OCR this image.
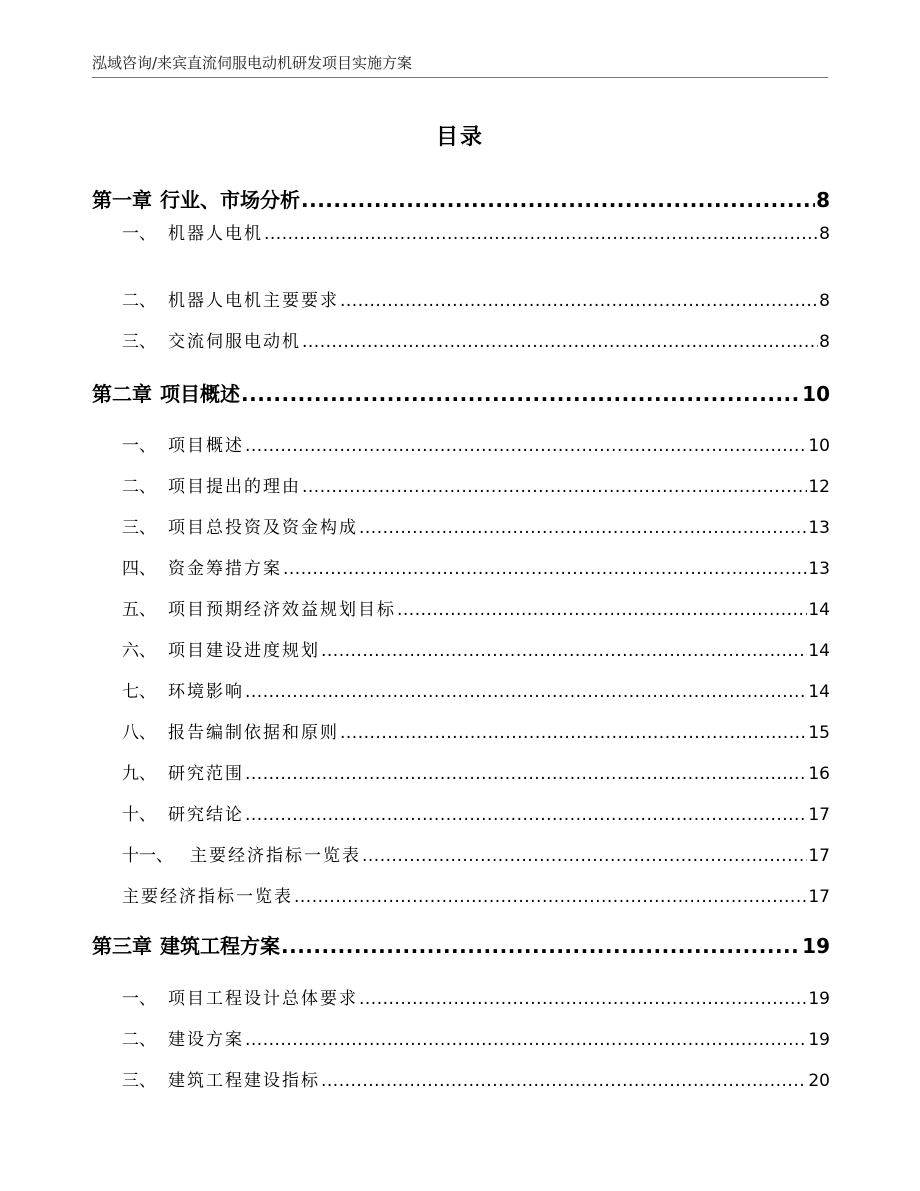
泓域咨询/来宾直流伺服电动机研发项目实施方案
目录
第一章 行业、市场分析 .....	8
一、 机器人电机 .....	8
二、 机器人电机主要要求 .....	8
三、 交流伺服电动机 .....	8
第二章 项目概述 .....	10
一、 项目概述 .....	10
二、 项目提出的理由 .....	12
三、 项目总投资及资金构成 .....	13
四、 资金筹措方案 .....	13
五、 项目预期经济效益规划目标 .....	14
六、 项目建设进度规划 .....	14
七、 环境影响 .....	14
八、 报告编制依据和原则 .....	15
九、 研究范围 .....	16
十、 研究结论 .....	17
十一、	主要经济指标一览表 .....	17
主要经济指标一览表 .....	17
第三章 建筑工程方案 .....	19
一、 项目工程设计总体要求 .....	19
二、 建设方案 .....	19
三、 建筑工程建设指标 .....	20
